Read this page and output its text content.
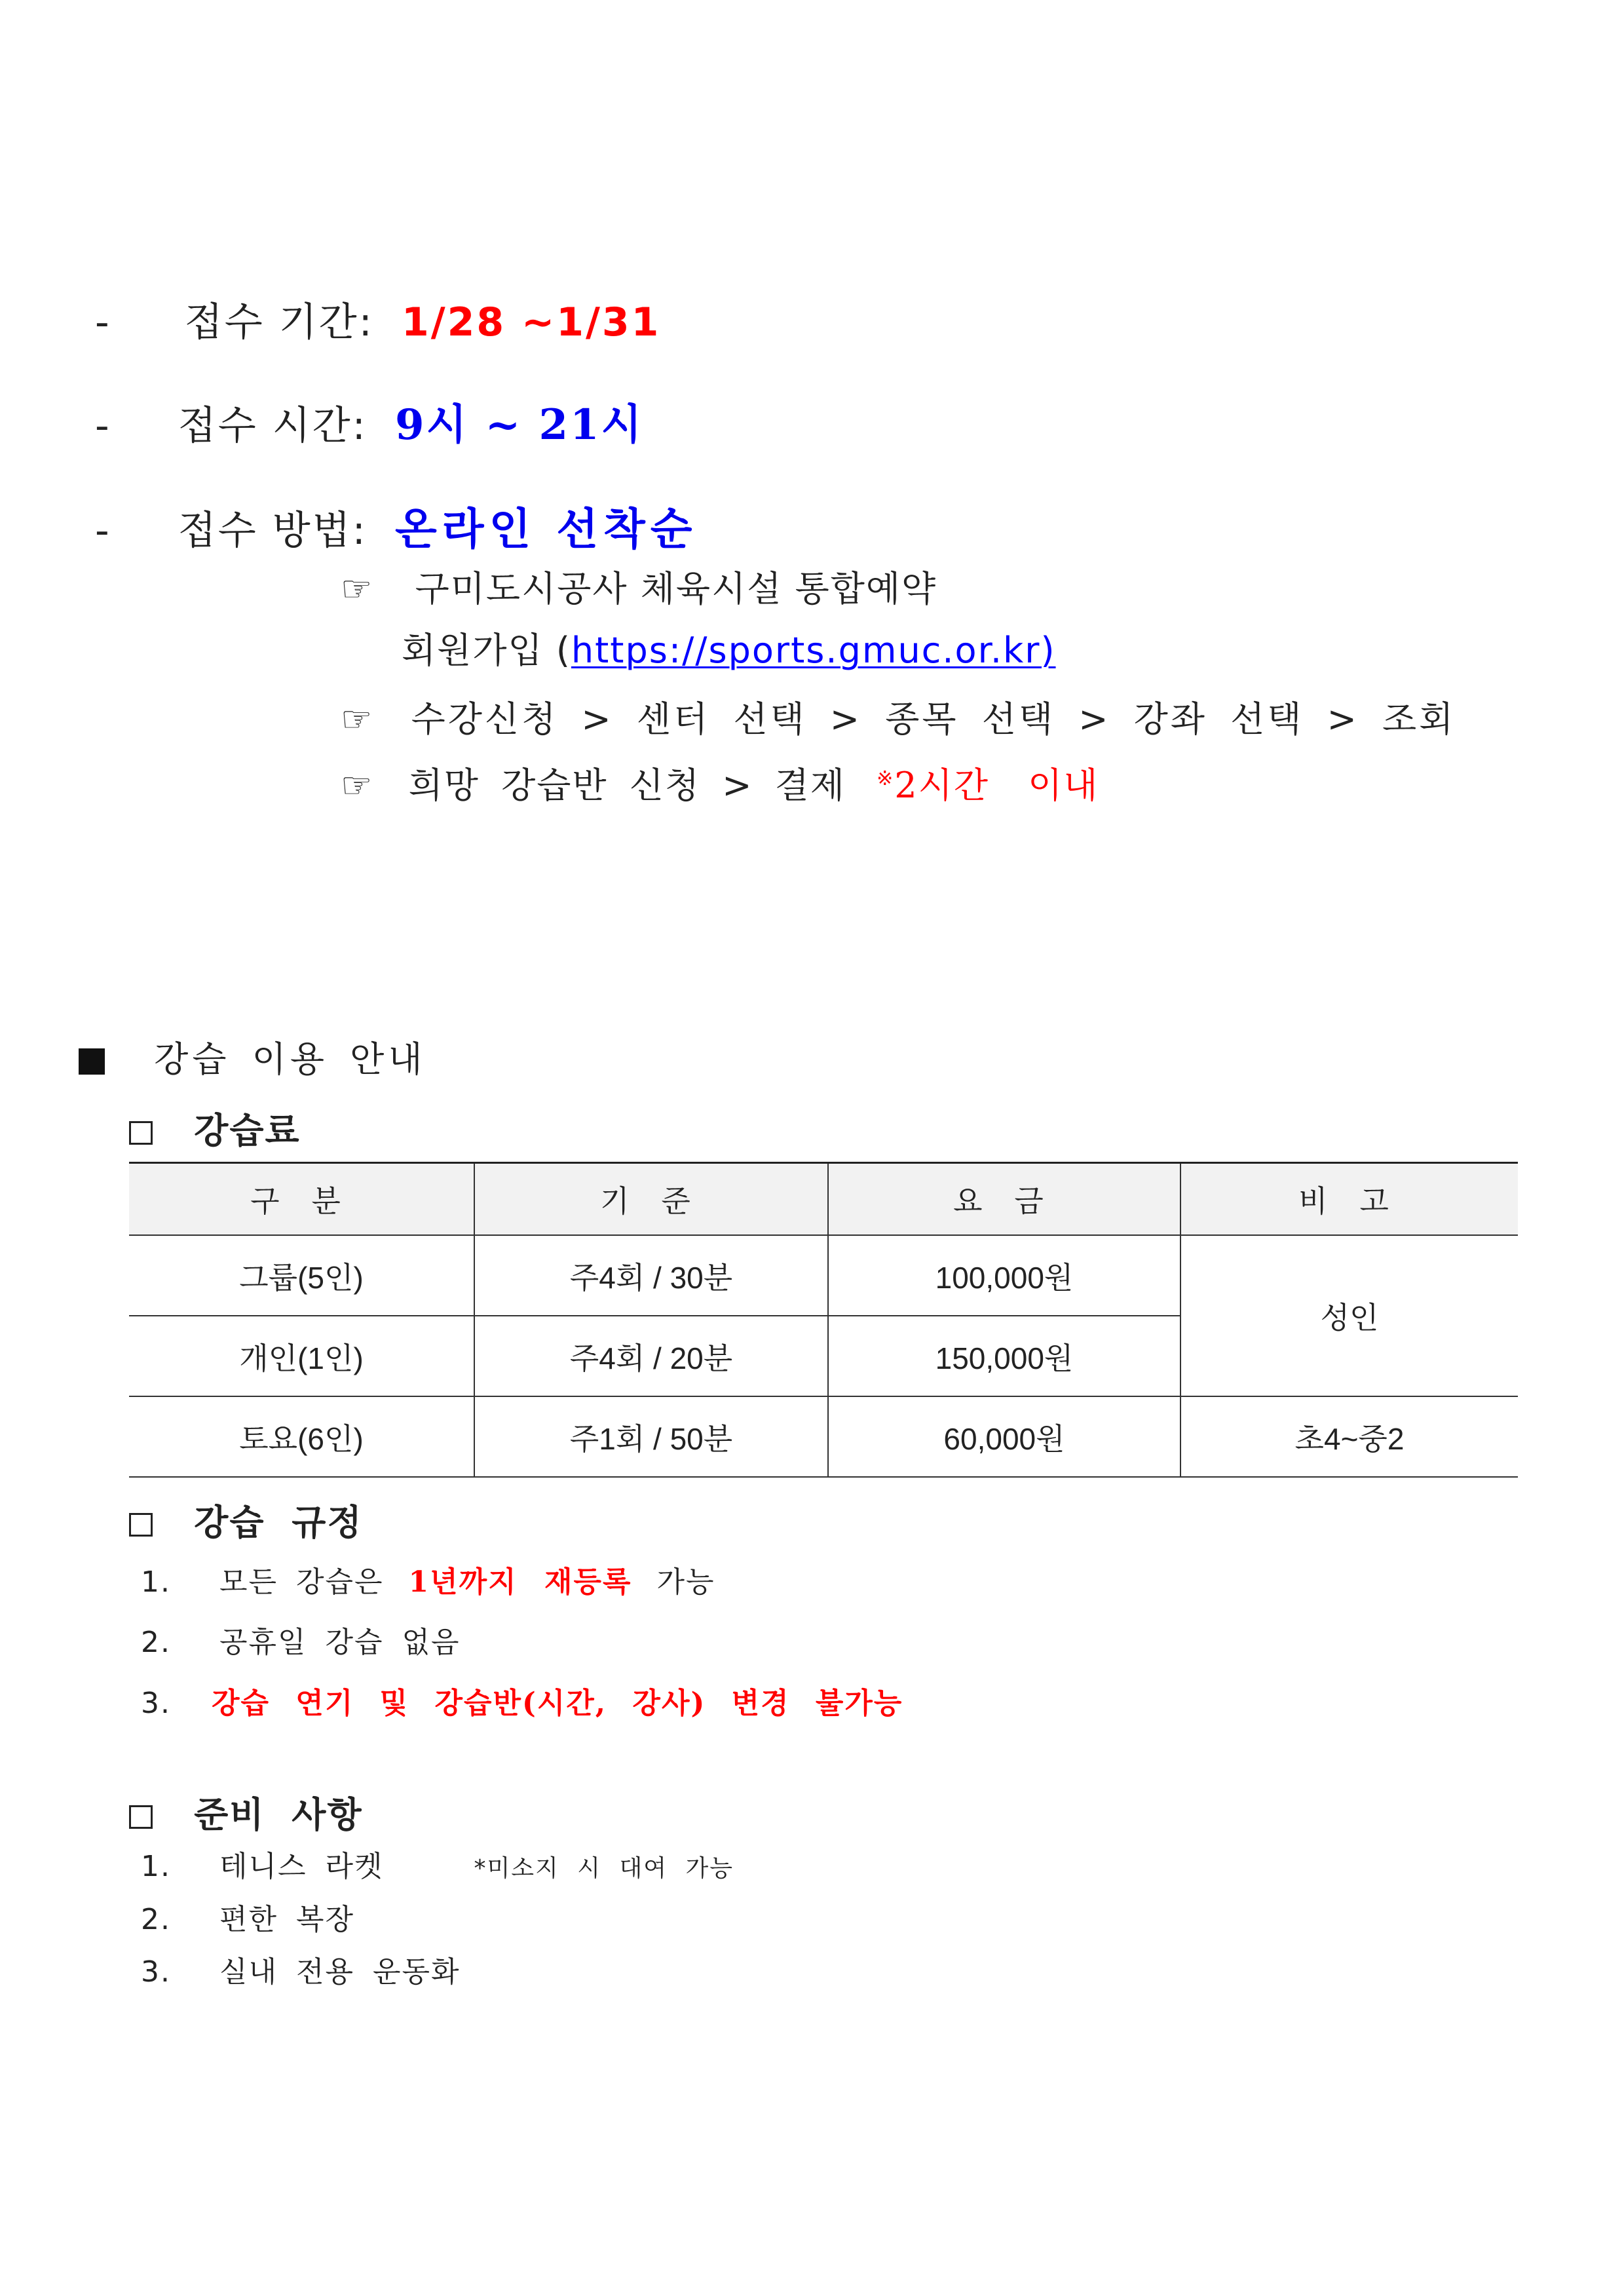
- 접수 기간: 1/28 ~1/31
- 접수 시간: 9시 ~ 21시
- 접수 방법: 온라인 선착순
☞ 구미도시공사 체육시설 통합예약
회원가입 (https://sports.gmuc.or.kr)
☞ 수강신청 > 센터 선택 > 종목 선택 > 강좌 선택 > 조회
☞ 희망 강습반 신청 > 결제 ※2시간 이내
강습 이용 안내
강습료
구 분	기 준	요 금	비 고
그룹(5인)	주4회 / 30분	100,000원	성인
개인(1인)	주4회 / 20분	150,000원	
토요(6인)	주1회 / 50분	60,000원	초4~중2
강습 규정
1. 모든 강습은 1년까지 재등록 가능
2. 공휴일 강습 없음
3. 강습 연기 및 강습반(시간, 강사) 변경 불가능
준비 사항
1. 테니스 라켓	*미소지 시 대여 가능
2. 편한 복장
3. 실내 전용 운동화
